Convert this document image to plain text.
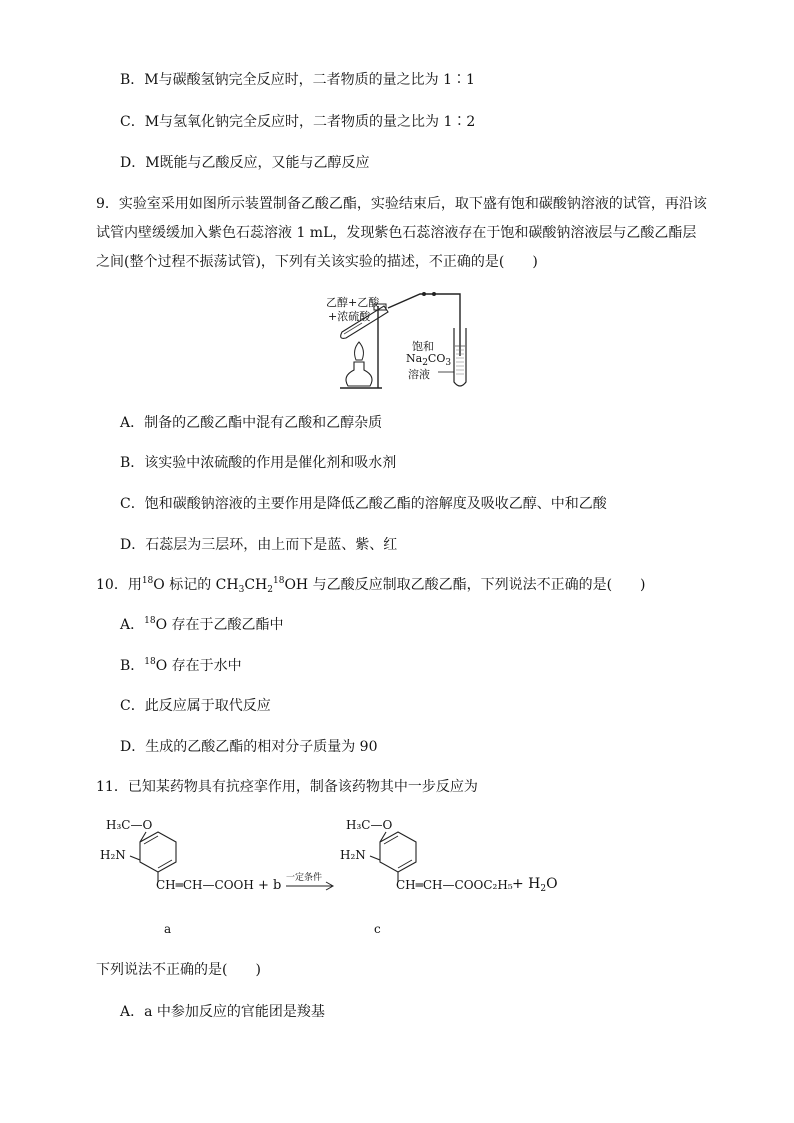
B．M与碳酸氢钠完全反应时，二者物质的量之比为 1∶1
C．M与氢氧化钠完全反应时，二者物质的量之比为 1∶2
D．M既能与乙酸反应，又能与乙醇反应
9．实验室采用如图所示装置制备乙酸乙酯，实验结束后，取下盛有饱和碳酸钠溶液的试管，再沿该试管内壁缓缓加入紫色石蕊溶液 1 mL，发现紫色石蕊溶液存在于饱和碳酸钠溶液层与乙酸乙酯层之间(整个过程不振荡试管)，下列有关该实验的描述，不正确的是(　　)
乙醇+乙酸
+浓硫酸
饱和
$Na_2CO_3$
溶液
A．制备的乙酸乙酯中混有乙酸和乙醇杂质
B．该实验中浓硫酸的作用是催化剂和吸水剂
C．饱和碳酸钠溶液的主要作用是降低乙酸乙酯的溶解度及吸收乙醇、中和乙酸
D．石蕊层为三层环，由上而下是蓝、紫、红
10．用$^{18}$O 标记的 $CH_3CH_2^{18}OH$ 与乙酸反应制取乙酸乙酯，下列说法不正确的是(　　)
A．$^{18}$O 存在于乙酸乙酯中
B．$^{18}$O 存在于水中
C．此反应属于取代反应
D．生成的乙酸乙酯的相对分子质量为 90
11．已知某药物具有抗痉挛作用，制备该药物其中一步反应为
H₃C—O
H₂N
CH═CH—COOH + b 一定条件
H₃C—O
H₂N
CH═CH—COOC₂H₅ + $H_2O$
a	c
下列说法不正确的是(　　)
A．a 中参加反应的官能团是羧基
